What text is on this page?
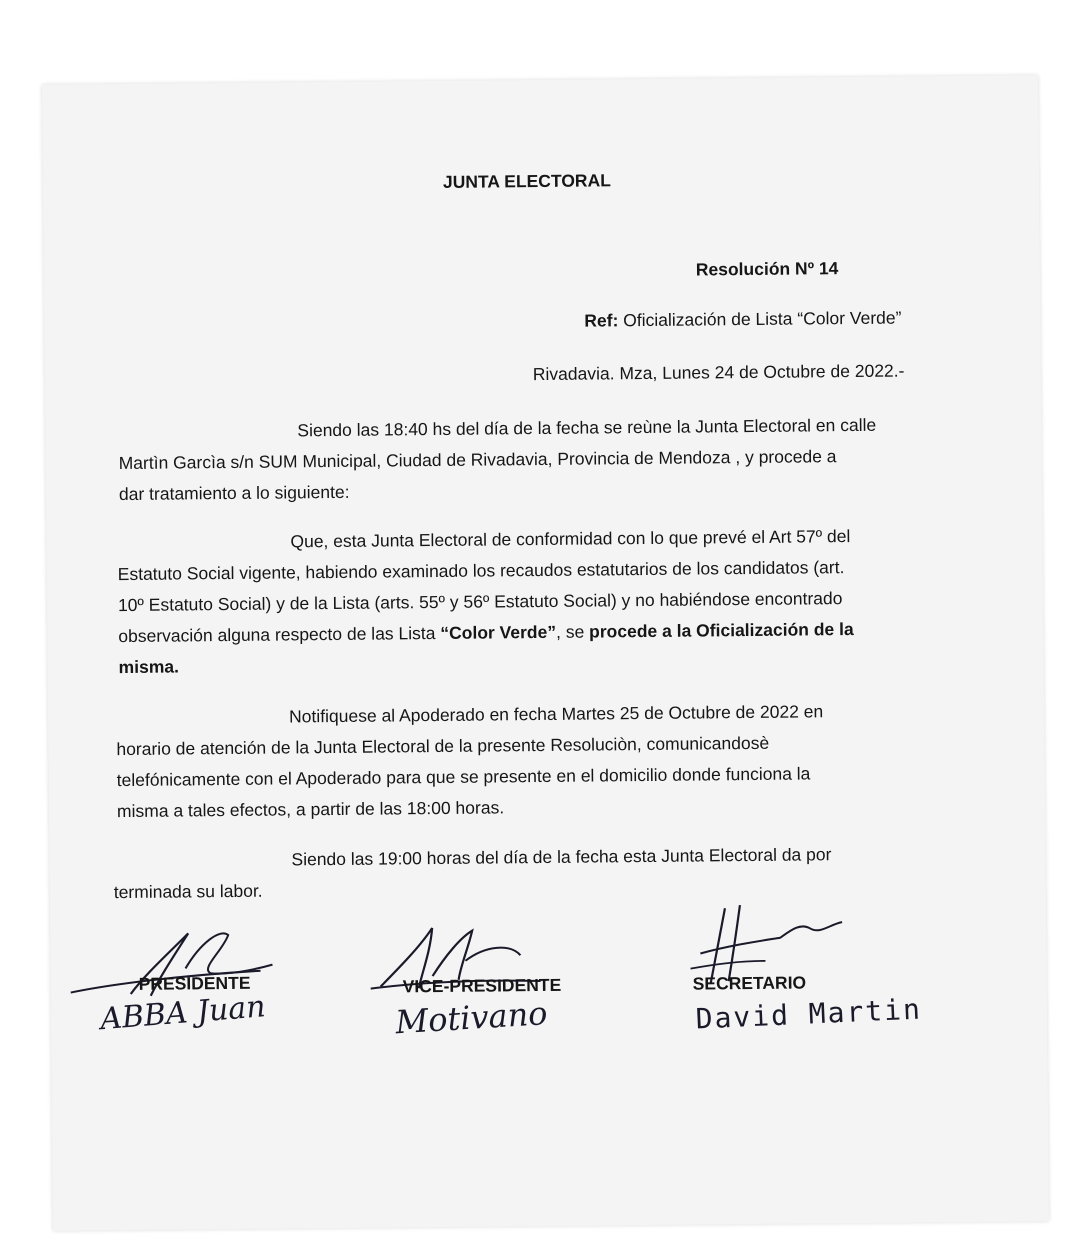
JUNTA ELECTORAL
Resolución Nº 14
Ref: Oficialización de Lista “Color Verde”
Rivadavia. Mza, Lunes 24 de Octubre de 2022.-
Siendo las 18:40 hs del día de la fecha se reùne la Junta Electoral en calle
Martìn Garcìa s/n SUM Municipal, Ciudad de Rivadavia, Provincia de Mendoza , y procede a
dar tratamiento a lo siguiente:
Que, esta Junta Electoral de conformidad con lo que prevé el Art 57º del
Estatuto Social vigente, habiendo examinado los recaudos estatutarios de los candidatos (art.
10º Estatuto Social) y de la Lista (arts. 55º y 56º Estatuto Social) y no habiéndose encontrado
observación alguna respecto de las Lista “Color Verde”, se procede a la Oficialización de la
misma.
Notifiquese al Apoderado en fecha Martes 25 de Octubre de 2022 en
horario de atención de la Junta Electoral de la presente Resoluciòn, comunicandosè
telefónicamente con el Apoderado para que se presente en el domicilio donde funciona la
misma a tales efectos, a partir de las 18:00 horas.
Siendo las 19:00 horas del día de la fecha esta Junta Electoral da por
terminada su labor.
PRESIDENTE
ABBA Juan
VICE-PRESIDENTE
Motivano
SECRETARIO
David Martin
